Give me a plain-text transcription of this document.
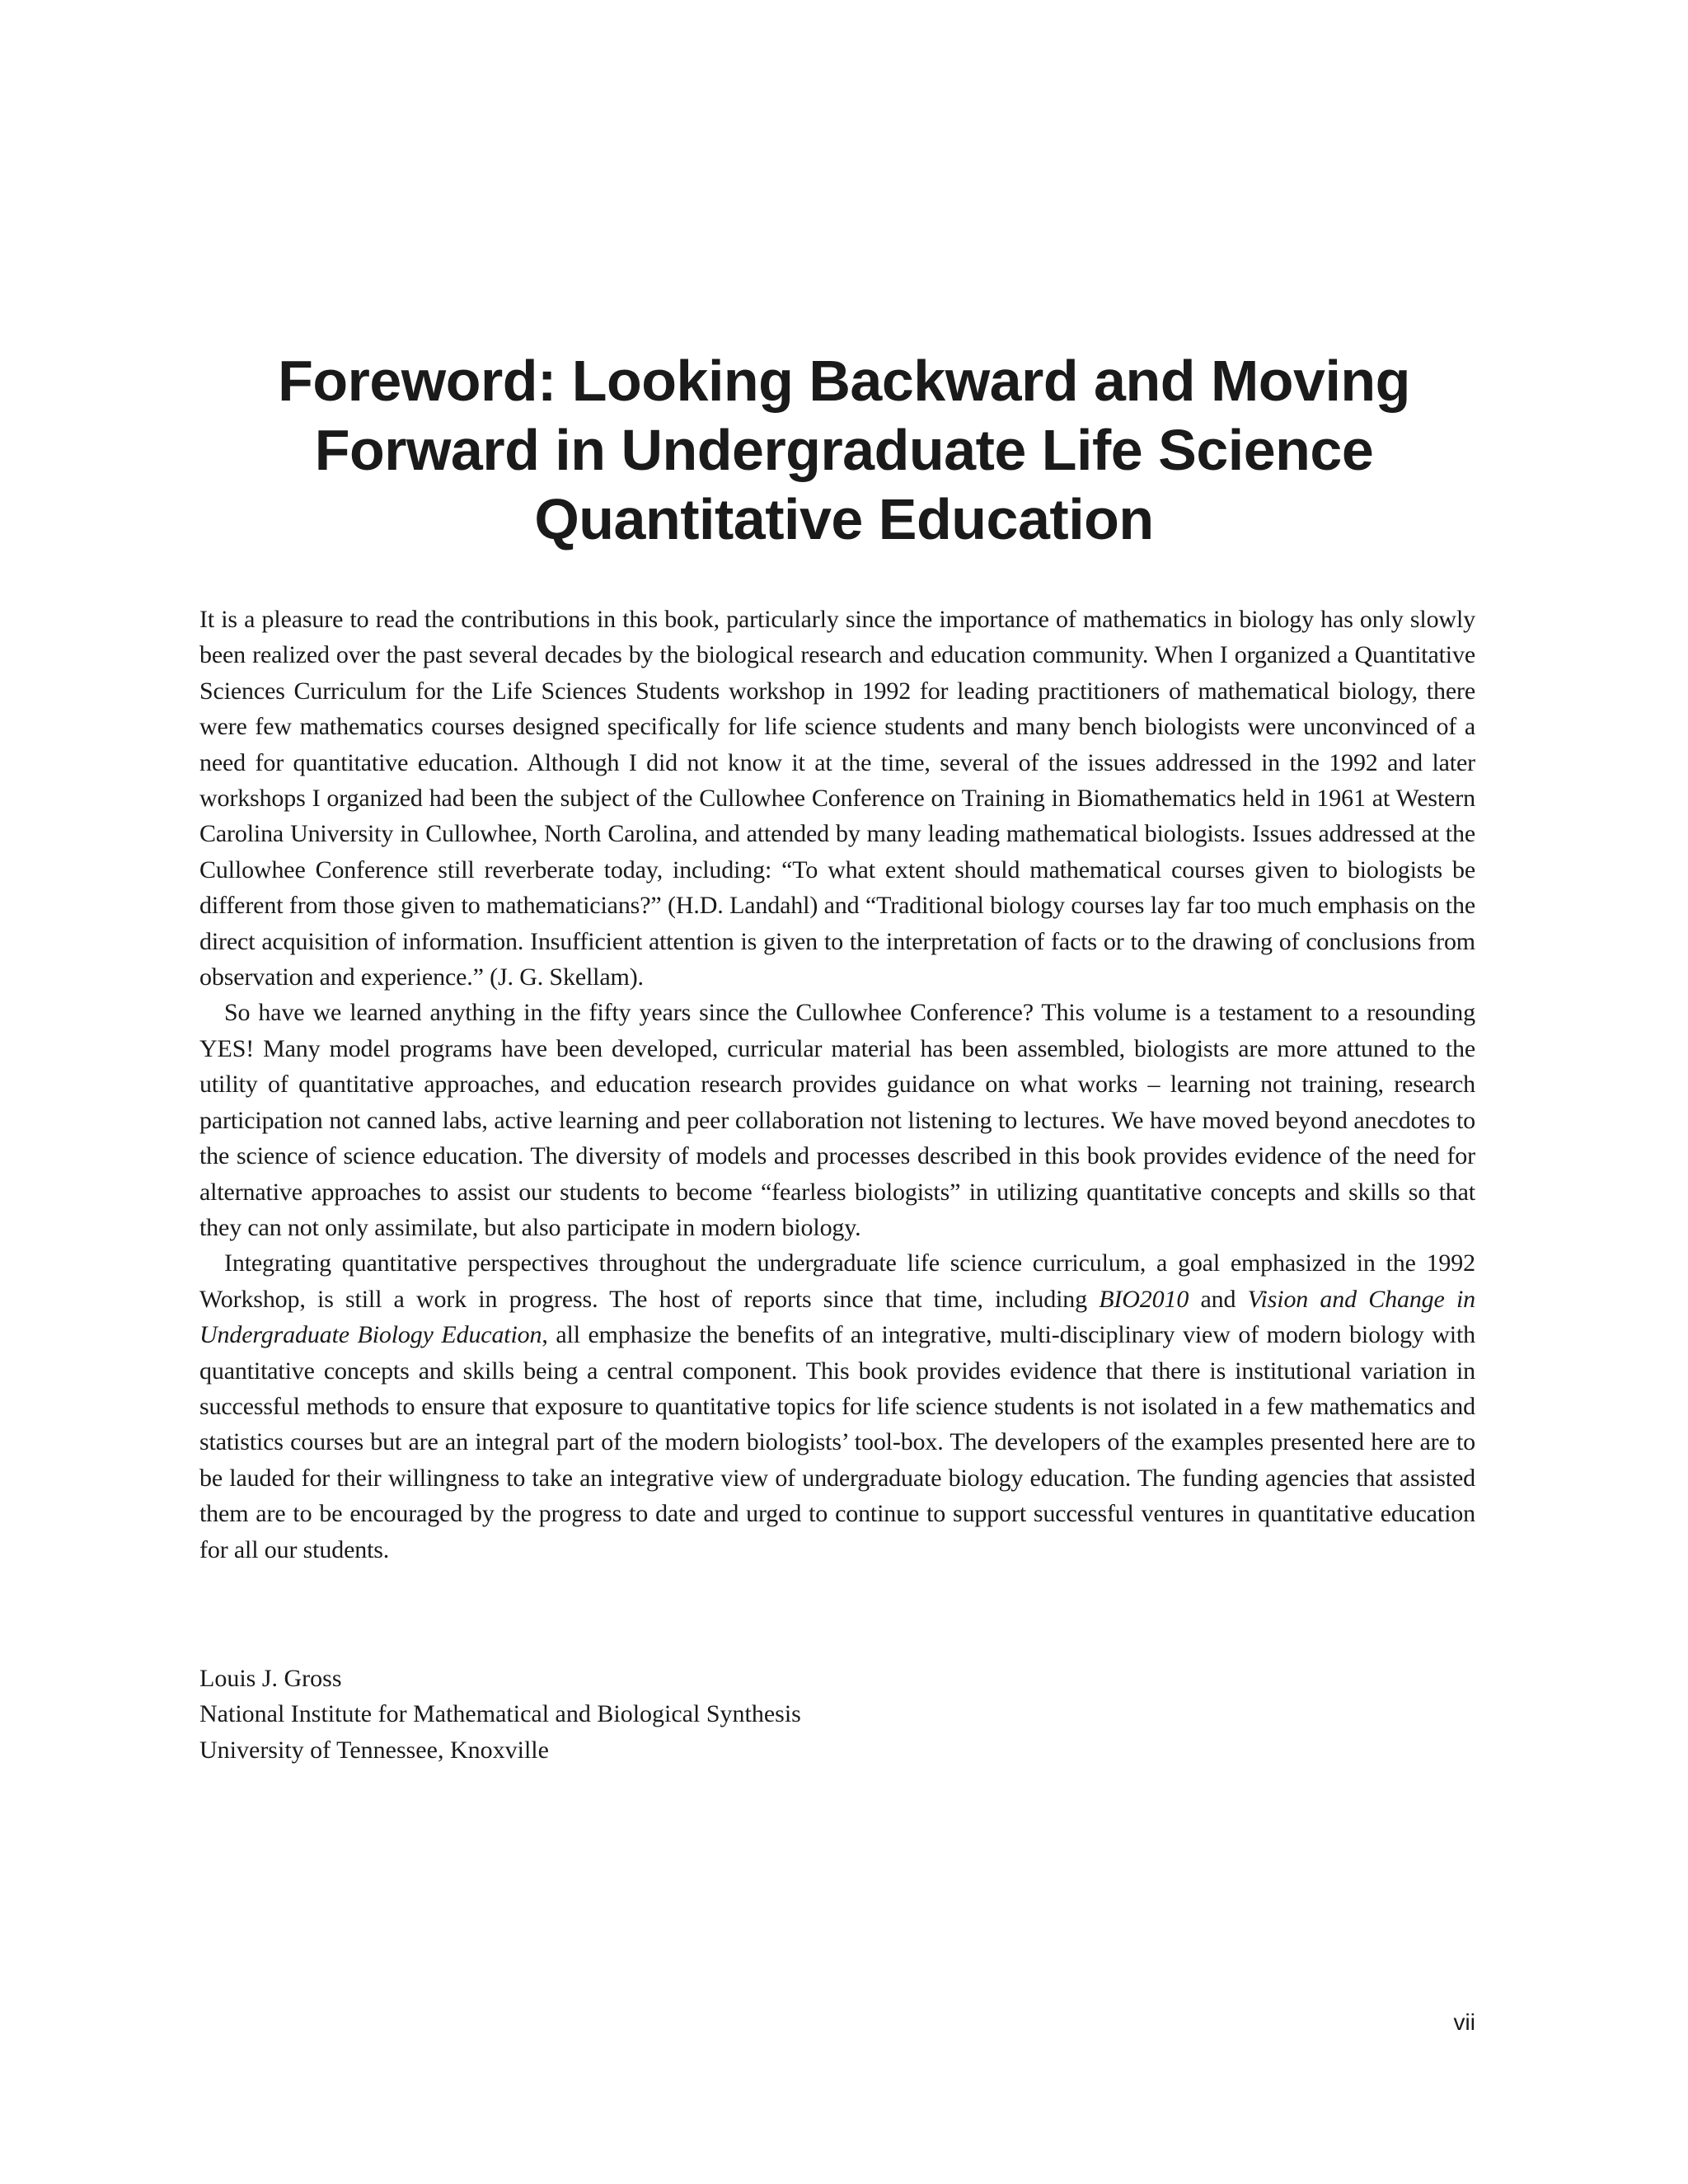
Foreword: Looking Backward and Moving
Forward in Undergraduate Life Science
Quantitative Education

It is a pleasure to read the contributions in this book, particularly since the importance of mathematics in biology has only slowly been realized over the past several decades by the biological research and education community. When I organized a Quantitative Sciences Curriculum for the Life Sciences Students workshop in 1992 for leading practitioners of mathematical biology, there were few mathematics courses designed specifically for life science students and many bench biologists were unconvinced of a need for quantitative education. Although I did not know it at the time, several of the issues addressed in the 1992 and later workshops I organized had been the subject of the Cullowhee Conference on Training in Biomathematics held in 1961 at Western Carolina University in Cullowhee, North Carolina, and attended by many leading mathematical biologists. Issues addressed at the Cullowhee Conference still reverberate today, including: “To what extent should mathematical courses given to biologists be different from those given to mathematicians?” (H.D. Landahl) and “Traditional biology courses lay far too much emphasis on the direct acquisition of information. Insufficient attention is given to the interpretation of facts or to the drawing of conclusions from observation and experience.” (J. G. Skellam).

So have we learned anything in the fifty years since the Cullowhee Conference? This volume is a testament to a resounding YES! Many model programs have been developed, curricular material has been assembled, biologists are more attuned to the utility of quantitative approaches, and education research provides guidance on what works – learning not training, research participation not canned labs, active learning and peer collaboration not listening to lectures. We have moved beyond anecdotes to the science of science education. The diversity of models and processes described in this book provides evidence of the need for alternative approaches to assist our students to become “fearless biologists” in utilizing quantitative concepts and skills so that they can not only assimilate, but also participate in modern biology.

Integrating quantitative perspectives throughout the undergraduate life science curriculum, a goal emphasized in the 1992 Workshop, is still a work in progress. The host of reports since that time, including BIO2010 and Vision and Change in Undergraduate Biology Education, all emphasize the benefits of an integrative, multi-disciplinary view of modern biology with quantitative concepts and skills being a central component. This book provides evidence that there is institutional variation in successful methods to ensure that exposure to quantitative topics for life science students is not isolated in a few mathematics and statistics courses but are an integral part of the modern biologists’ tool-box. The developers of the examples presented here are to be lauded for their willingness to take an integrative view of undergraduate biology education. The funding agencies that assisted them are to be encouraged by the progress to date and urged to continue to support successful ventures in quantitative education for all our students.

Louis J. Gross
National Institute for Mathematical and Biological Synthesis
University of Tennessee, Knoxville
vii
